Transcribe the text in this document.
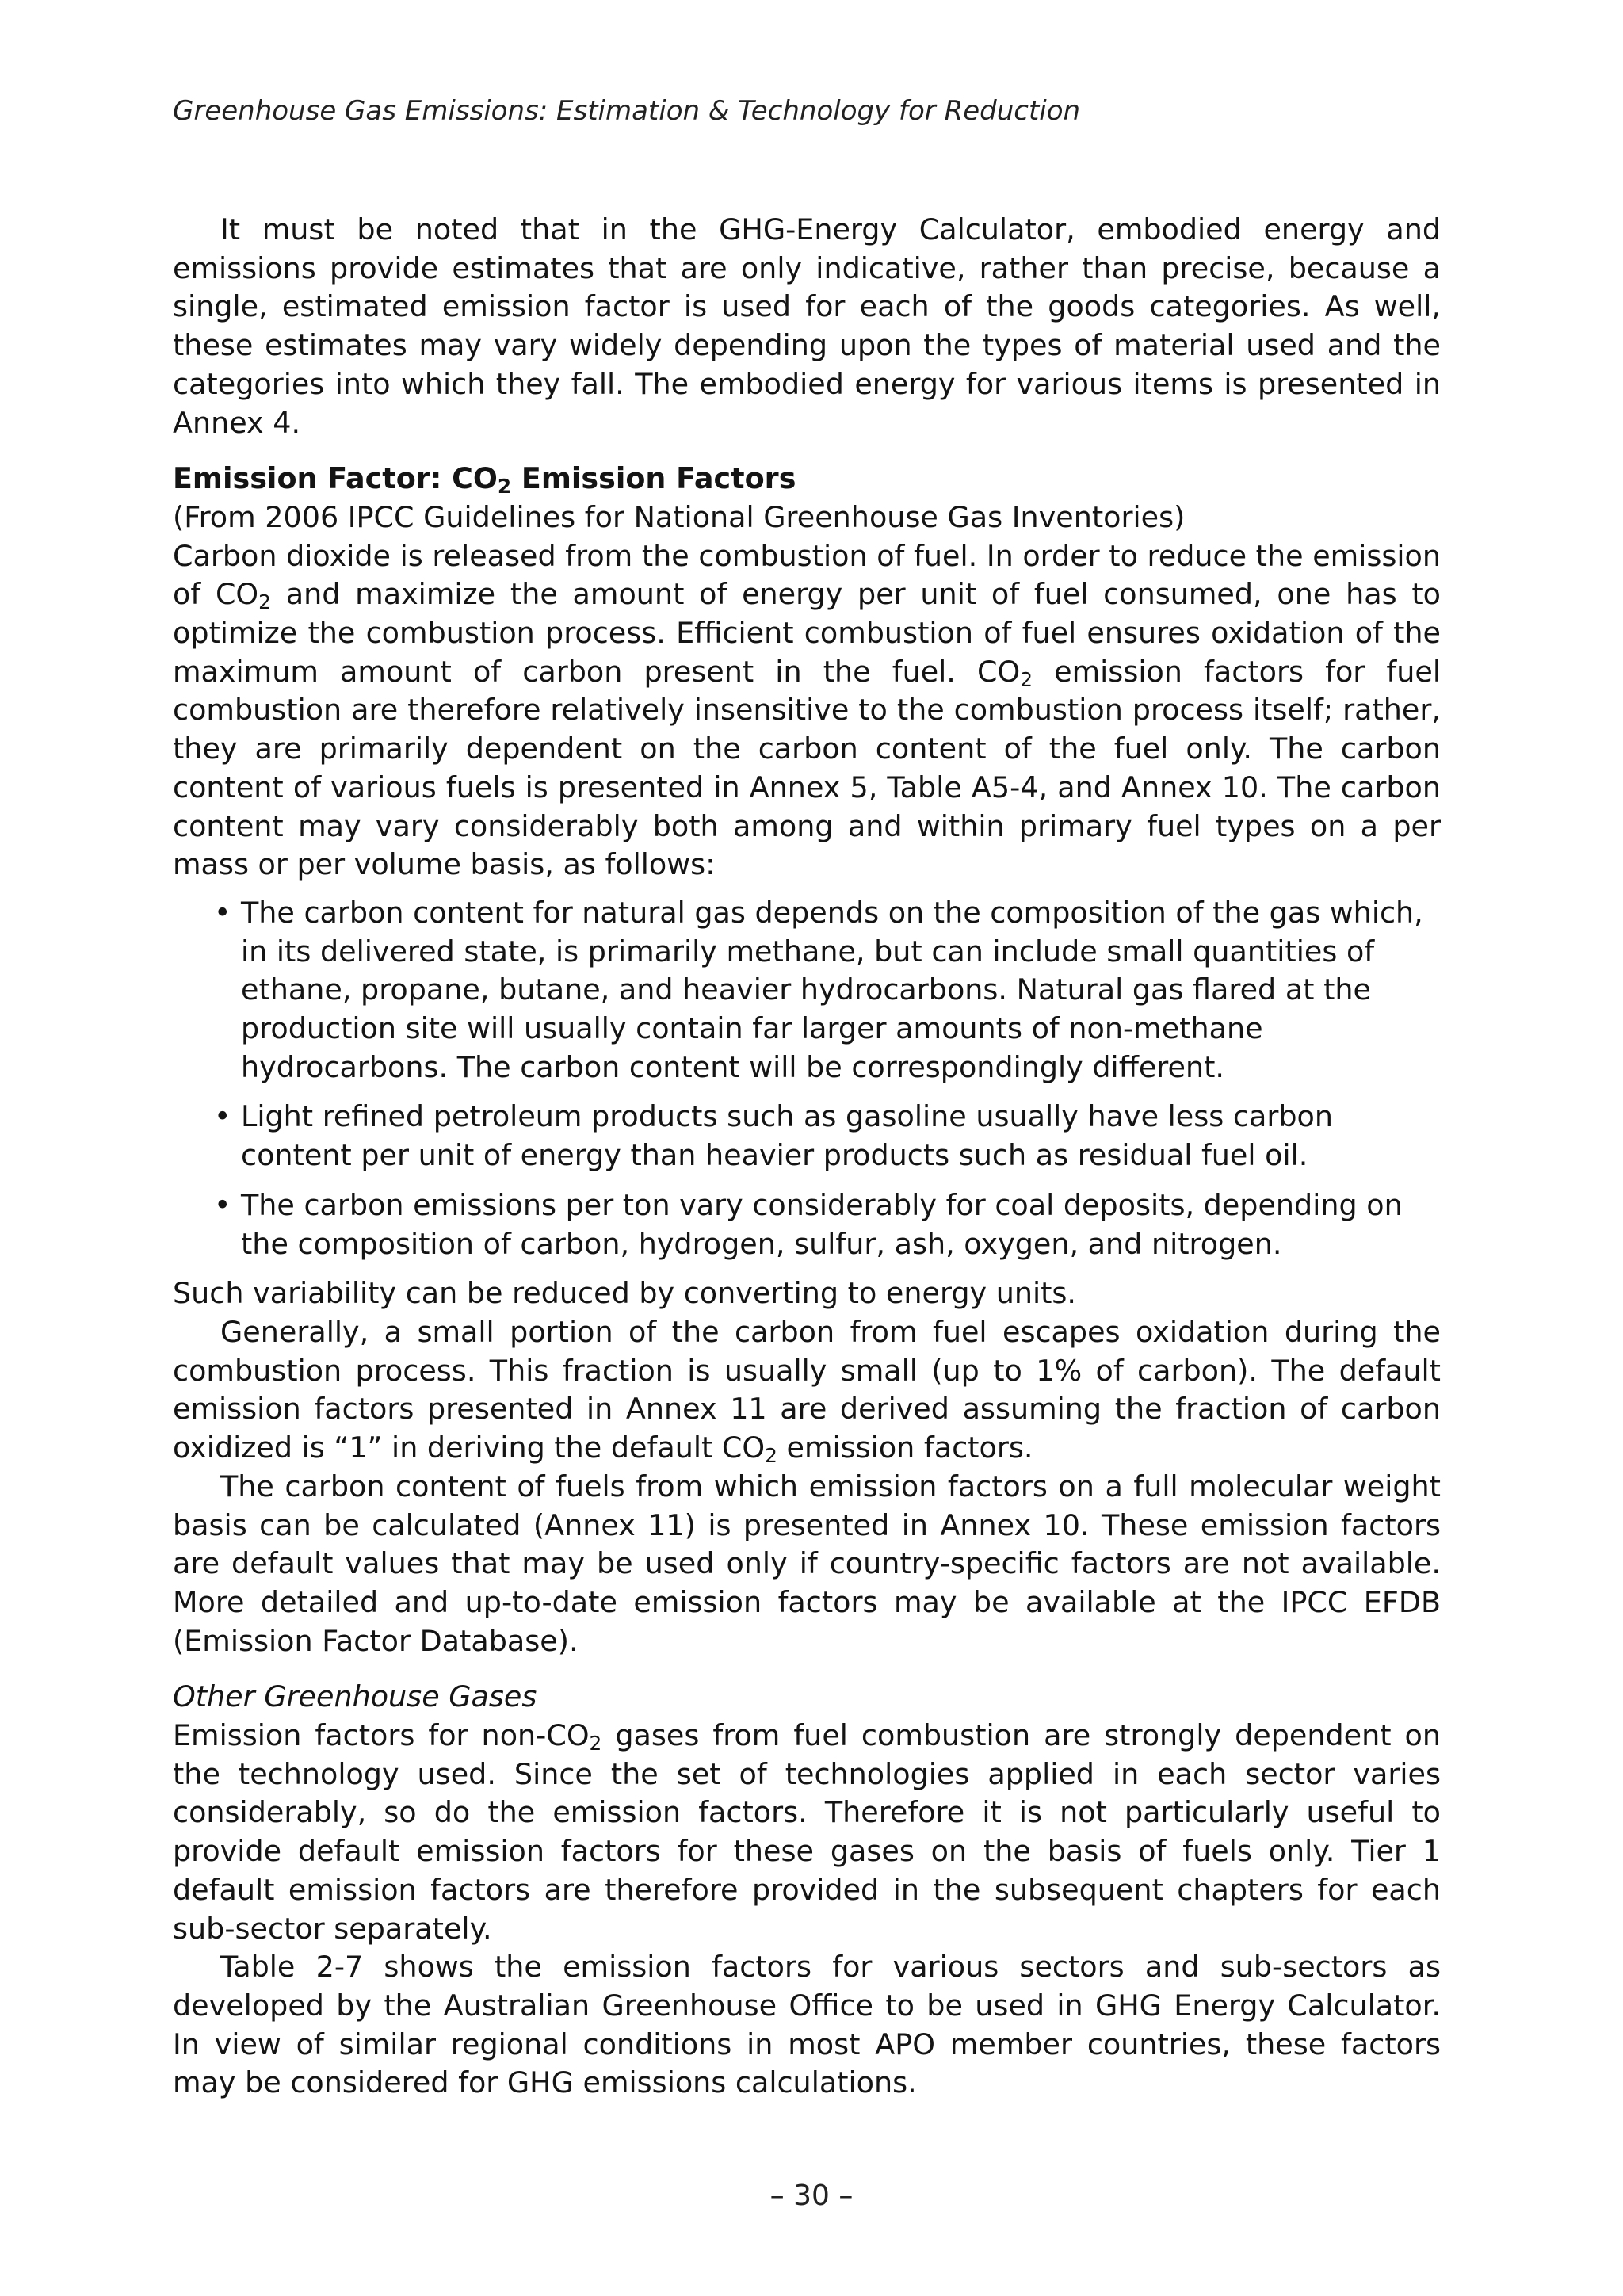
Greenhouse Gas Emissions: Estimation & Technology for Reduction

It must be noted that in the GHG-Energy Calculator, embodied energy and emissions provide estimates that are only indicative, rather than precise, because a single, estimated emission factor is used for each of the goods categories. As well, these estimates may vary widely depending upon the types of material used and the categories into which they fall. The embodied energy for various items is presented in Annex 4.

Emission Factor: $CO_2$ Emission Factors

(From 2006 IPCC Guidelines for National Greenhouse Gas Inventories)

Carbon dioxide is released from the combustion of fuel. In order to reduce the emission of $CO_2$ and maximize the amount of energy per unit of fuel consumed, one has to optimize the combustion process. Efficient combustion of fuel ensures oxidation of the maximum amount of carbon present in the fuel. $CO_2$ emission factors for fuel combustion are therefore relatively insensitive to the combustion process itself; rather, they are primarily dependent on the carbon content of the fuel only. The carbon content of various fuels is presented in Annex 5, Table A5-4, and Annex 10. The carbon content may vary considerably both among and within primary fuel types on a per mass or per volume basis, as follows:

• The carbon content for natural gas depends on the composition of the gas which, in its delivered state, is primarily methane, but can include small quantities of ethane, propane, butane, and heavier hydrocarbons. Natural gas flared at the production site will usually contain far larger amounts of non-methane hydrocarbons. The carbon content will be correspondingly different.
• Light refined petroleum products such as gasoline usually have less carbon content per unit of energy than heavier products such as residual fuel oil.
• The carbon emissions per ton vary considerably for coal deposits, depending on the composition of carbon, hydrogen, sulfur, ash, oxygen, and nitrogen.

Such variability can be reduced by converting to energy units.

Generally, a small portion of the carbon from fuel escapes oxidation during the combustion process. This fraction is usually small (up to 1% of carbon). The default emission factors presented in Annex 11 are derived assuming the fraction of carbon oxidized is “1” in deriving the default $CO_2$ emission factors.

The carbon content of fuels from which emission factors on a full molecular weight basis can be calculated (Annex 11) is presented in Annex 10. These emission factors are default values that may be used only if country-specific factors are not available. More detailed and up-to-date emission factors may be available at the IPCC EFDB (Emission Factor Database).

Other Greenhouse Gases

Emission factors for non-$CO_2$ gases from fuel combustion are strongly dependent on the technology used. Since the set of technologies applied in each sector varies considerably, so do the emission factors. Therefore it is not particularly useful to provide default emission factors for these gases on the basis of fuels only. Tier 1 default emission factors are therefore provided in the subsequent chapters for each sub-sector separately.

Table 2-7 shows the emission factors for various sectors and sub-sectors as developed by the Australian Greenhouse Office to be used in GHG Energy Calculator. In view of similar regional conditions in most APO member countries, these factors may be considered for GHG emissions calculations.

– 30 –
